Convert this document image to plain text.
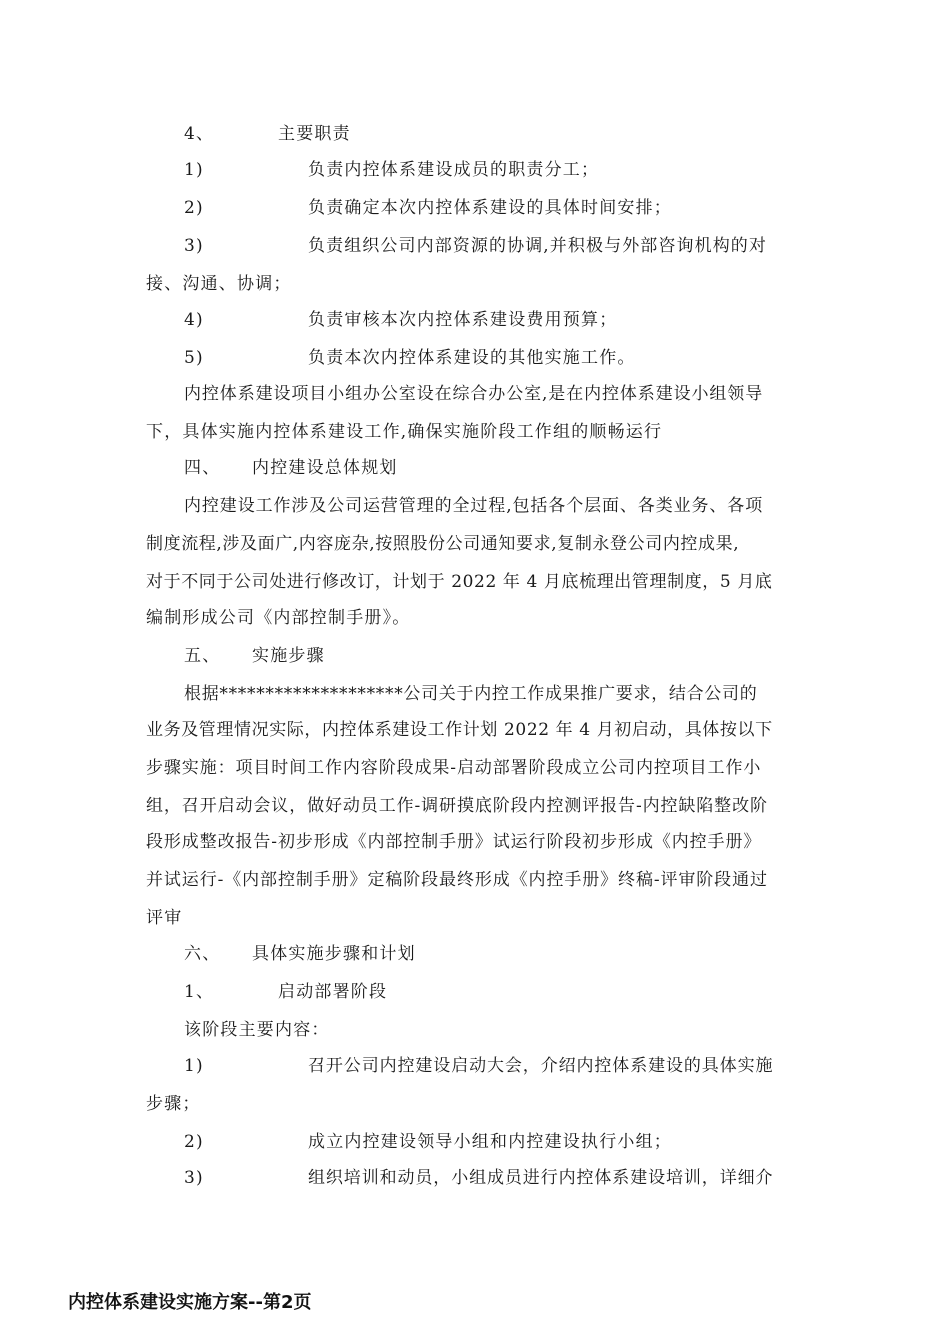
4、	主要职责
1)	负责内控体系建设成员的职责分工；
2)	负责确定本次内控体系建设的具体时间安排；
3)	负责组织公司内部资源的协调,并积极与外部咨询机构的对
接、沟通、协调；
4)	负责审核本次内控体系建设费用预算；
5)	负责本次内控体系建设的其他实施工作。
内控体系建设项目小组办公室设在综合办公室,是在内控体系建设小组领导
下，具体实施内控体系建设工作,确保实施阶段工作组的顺畅运行
四、 内控建设总体规划
内控建设工作涉及公司运营管理的全过程,包括各个层面、各类业务、各项
制度流程,涉及面广,内容庞杂,按照股份公司通知要求,复制永登公司内控成果,
对于不同于公司处进行修改订，计划于 2022 年 4 月底梳理出管理制度，5 月底
编制形成公司《内部控制手册》。
五、 实施步骤
根据********************公司关于内控工作成果推广要求，结合公司的
业务及管理情况实际，内控体系建设工作计划 2022 年 4 月初启动，具体按以下
步骤实施：项目时间工作内容阶段成果-启动部署阶段成立公司内控项目工作小
组，召开启动会议，做好动员工作-调研摸底阶段内控测评报告-内控缺陷整改阶
段形成整改报告-初步形成《内部控制手册》试运行阶段初步形成《内控手册》
并试运行-《内部控制手册》定稿阶段最终形成《内控手册》终稿-评审阶段通过
评审
六、 具体实施步骤和计划
1、	启动部署阶段
该阶段主要内容：
1)	召开公司内控建设启动大会，介绍内控体系建设的具体实施
步骤；
2)	成立内控建设领导小组和内控建设执行小组；
3)	组织培训和动员，小组成员进行内控体系建设培训，详细介
内控体系建设实施方案--第2页
